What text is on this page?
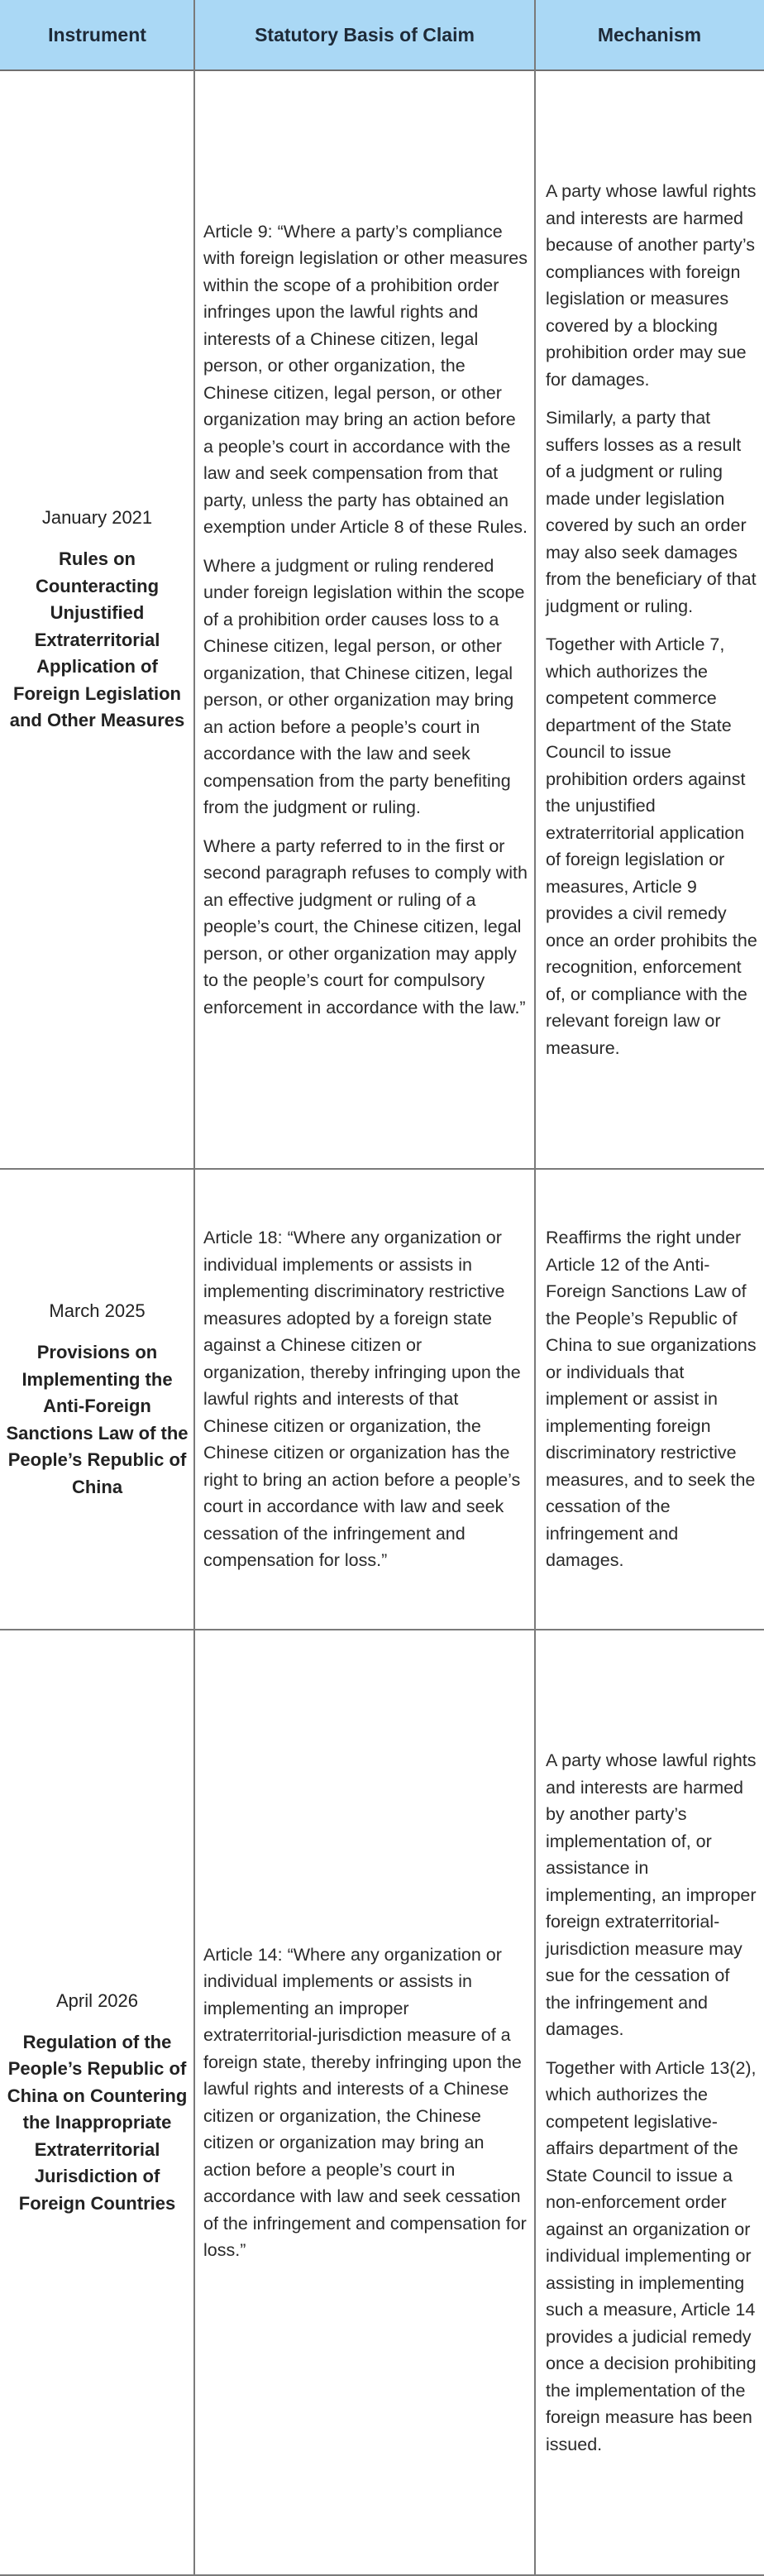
Instrument	Statutory Basis of Claim	Mechanism
January 2021
Rules on Counteracting Unjustified Extraterritorial Application of Foreign Legislation and Other Measures

Article 9: “Where a party’s compliance with foreign legislation or other measures within the scope of a prohibition order infringes upon the lawful rights and interests of a Chinese citizen, legal person, or other organization, the Chinese citizen, legal person, or other organization may bring an action before a people’s court in accordance with the law and seek compensation from that party, unless the party has obtained an exemption under Article 8 of these Rules.

Where a judgment or ruling rendered under foreign legislation within the scope of a prohibition order causes loss to a Chinese citizen, legal person, or other organization, that Chinese citizen, legal person, or other organization may bring an action before a people’s court in accordance with the law and seek compensation from the party benefiting from the judgment or ruling.

Where a party referred to in the first or second paragraph refuses to comply with an effective judgment or ruling of a people’s court, the Chinese citizen, legal person, or other organization may apply to the people’s court for compulsory enforcement in accordance with the law.”

A party whose lawful rights and interests are harmed because of another party’s compliances with foreign legislation or measures covered by a blocking prohibition order may sue for damages.

Similarly, a party that suffers losses as a result of a judgment or ruling made under legislation covered by such an order may also seek damages from the beneficiary of that judgment or ruling.

Together with Article 7, which authorizes the competent commerce department of the State Council to issue prohibition orders against the unjustified extraterritorial application of foreign legislation or measures, Article 9 provides a civil remedy once an order prohibits the recognition, enforcement of, or compliance with the relevant foreign law or measure.

March 2025
Provisions on Implementing the Anti-Foreign Sanctions Law of the People’s Republic of China

Article 18: “Where any organization or individual implements or assists in implementing discriminatory restrictive measures adopted by a foreign state against a Chinese citizen or organization, thereby infringing upon the lawful rights and interests of that Chinese citizen or organization, the Chinese citizen or organization has the right to bring an action before a people’s court in accordance with law and seek cessation of the infringement and compensation for loss.”

Reaffirms the right under Article 12 of the Anti-Foreign Sanctions Law of the People’s Republic of China to sue organizations or individuals that implement or assist in implementing foreign discriminatory restrictive measures, and to seek the cessation of the infringement and damages.

April 2026
Regulation of the People’s Republic of China on Countering the Inappropriate Extraterritorial Jurisdiction of Foreign Countries

Article 14: “Where any organization or individual implements or assists in implementing an improper extraterritorial-jurisdiction measure of a foreign state, thereby infringing upon the lawful rights and interests of a Chinese citizen or organization, the Chinese citizen or organization may bring an action before a people’s court in accordance with law and seek cessation of the infringement and compensation for loss.”

A party whose lawful rights and interests are harmed by another party’s implementation of, or assistance in implementing, an improper foreign extraterritorial-jurisdiction measure may sue for the cessation of the infringement and damages.

Together with Article 13(2), which authorizes the competent legislative-affairs department of the State Council to issue a non-enforcement order against an organization or individual implementing or assisting in implementing such a measure, Article 14 provides a judicial remedy once a decision prohibiting the implementation of the foreign measure has been issued.
